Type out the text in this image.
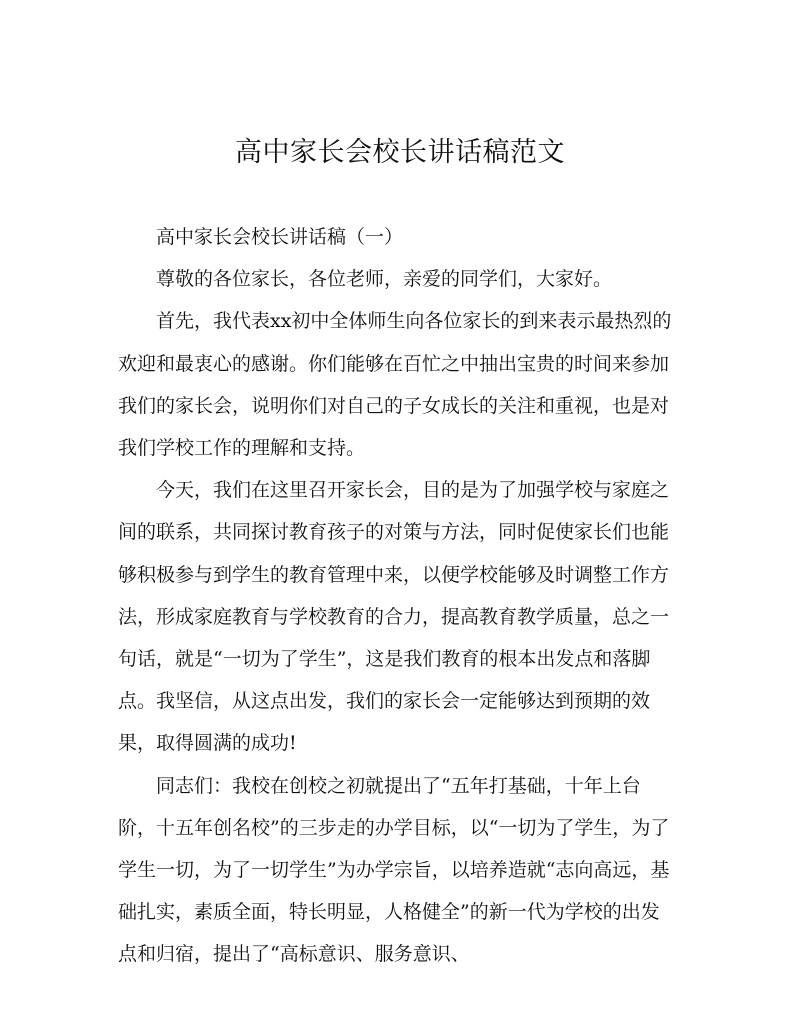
高中家长会校长讲话稿范文

高中家长会校长讲话稿（一）

尊敬的各位家长，各位老师，亲爱的同学们，大家好。

首先，我代表xx初中全体师生向各位家长的到来表示最热烈的欢迎和最衷心的感谢。你们能够在百忙之中抽出宝贵的时间来参加我们的家长会，说明你们对自己的子女成长的关注和重视，也是对我们学校工作的理解和支持。

今天，我们在这里召开家长会，目的是为了加强学校与家庭之间的联系，共同探讨教育孩子的对策与方法，同时促使家长们也能够积极参与到学生的教育管理中来，以便学校能够及时调整工作方法，形成家庭教育与学校教育的合力，提高教育教学质量，总之一句话，就是“一切为了学生”，这是我们教育的根本出发点和落脚点。我坚信，从这点出发，我们的家长会一定能够达到预期的效果，取得圆满的成功!

同志们：我校在创校之初就提出了“五年打基础，十年上台阶，十五年创名校”的三步走的办学目标，以“一切为了学生，为了学生一切，为了一切学生”为办学宗旨，以培养造就“志向高远，基础扎实，素质全面，特长明显，人格健全”的新一代为学校的出发点和归宿，提出了“高标意识、服务意识、
